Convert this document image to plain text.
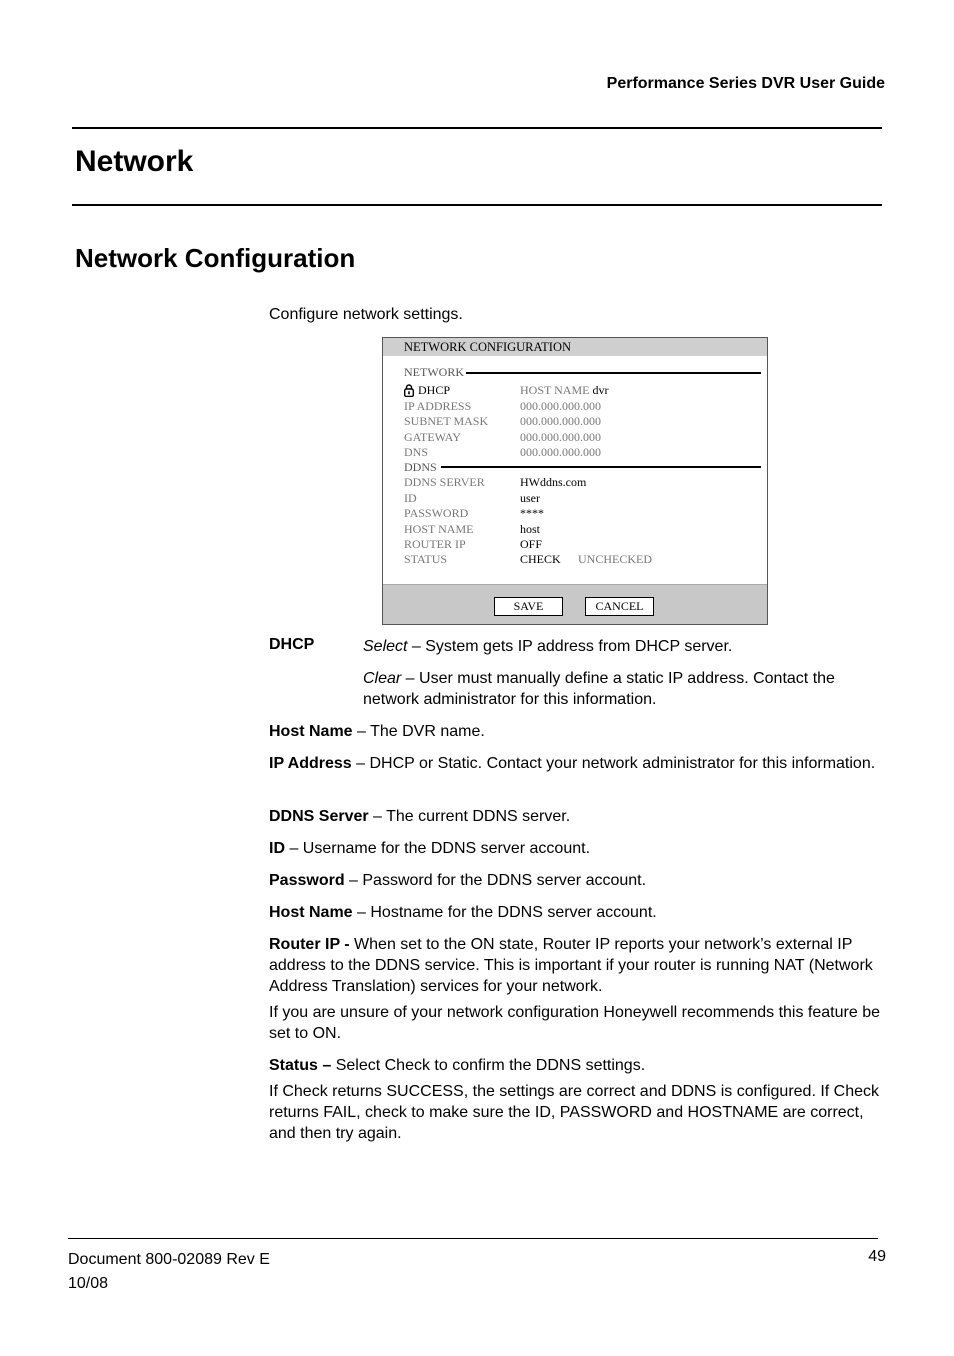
Performance Series DVR User Guide
Network
Network Configuration
Configure network settings.
NETWORK CONFIGURATION
NETWORK
DHCP	HOST NAME dvr
IP ADDRESS	000.000.000.000
SUBNET MASK	000.000.000.000
GATEWAY	000.000.000.000
DNS	000.000.000.000
DDNS
DDNS SERVER	HWddns.com
ID	user
PASSWORD	****
HOST NAME	host
ROUTER IP	OFF
STATUS	CHECK UNCHECKED
SAVE	CANCEL
DHCP	Select – System gets IP address from DHCP server.
Clear – User must manually define a static IP address. Contact the network administrator for this information.
Host Name – The DVR name.
IP Address – DHCP or Static. Contact your network administrator for this information.
DDNS Server – The current DDNS server.
ID – Username for the DDNS server account.
Password – Password for the DDNS server account.
Host Name – Hostname for the DDNS server account.
Router IP - When set to the ON state, Router IP reports your network’s external IP address to the DDNS service. This is important if your router is running NAT (Network Address Translation) services for your network.
If you are unsure of your network configuration Honeywell recommends this feature be set to ON.
Status – Select Check to confirm the DDNS settings.
If Check returns SUCCESS, the settings are correct and DDNS is configured. If Check returns FAIL, check to make sure the ID, PASSWORD and HOSTNAME are correct, and then try again.
Document 800-02089 Rev E
10/08
49
